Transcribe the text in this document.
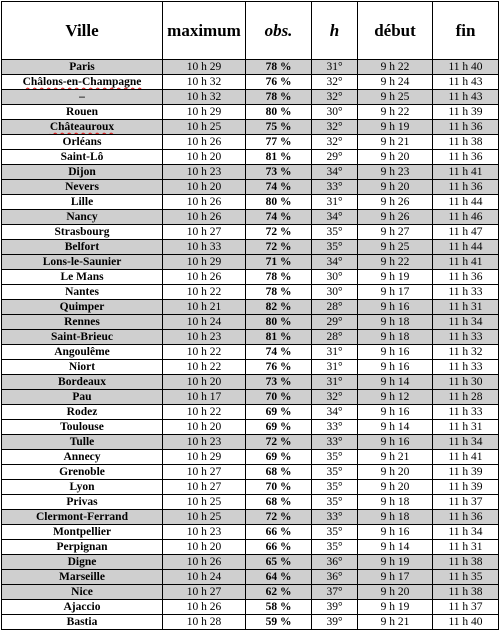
Ville	maximum	obs.	h	début	fin
Paris	10 h 29	78 %	31°	9 h 22	11 h 40
Châlons-en-Champagne	10 h 32	76 %	32°	9 h 24	11 h 43
–	10 h 32	78 %	32°	9 h 25	11 h 43
Rouen	10 h 29	80 %	30°	9 h 22	11 h 39
Châteauroux	10 h 25	75 %	32°	9 h 19	11 h 36
Orléans	10 h 26	77 %	32°	9 h 21	11 h 38
Saint-Lô	10 h 20	81 %	29°	9 h 20	11 h 36
Dijon	10 h 23	73 %	34°	9 h 23	11 h 41
Nevers	10 h 20	74 %	33°	9 h 20	11 h 36
Lille	10 h 26	80 %	31°	9 h 26	11 h 44
Nancy	10 h 26	74 %	34°	9 h 26	11 h 46
Strasbourg	10 h 27	72 %	35°	9 h 27	11 h 47
Belfort	10 h 33	72 %	35°	9 h 25	11 h 44
Lons-le-Saunier	10 h 29	71 %	34°	9 h 22	11 h 41
Le Mans	10 h 26	78 %	30°	9 h 19	11 h 36
Nantes	10 h 22	78 %	30°	9 h 17	11 h 33
Quimper	10 h 21	82 %	28°	9 h 16	11 h 31
Rennes	10 h 24	80 %	29°	9 h 18	11 h 34
Saint-Brieuc	10 h 23	81 %	28°	9 h 18	11 h 33
Angoulême	10 h 22	74 %	31°	9 h 16	11 h 32
Niort	10 h 22	76 %	31°	9 h 16	11 h 33
Bordeaux	10 h 20	73 %	31°	9 h 14	11 h 30
Pau	10 h 17	70 %	32°	9 h 12	11 h 28
Rodez	10 h 22	69 %	34°	9 h 16	11 h 33
Toulouse	10 h 20	69 %	33°	9 h 14	11 h 31
Tulle	10 h 23	72 %	33°	9 h 16	11 h 34
Annecy	10 h 29	69 %	35°	9 h 21	11 h 41
Grenoble	10 h 27	68 %	35°	9 h 20	11 h 39
Lyon	10 h 27	70 %	35°	9 h 20	11 h 39
Privas	10 h 25	68 %	35°	9 h 18	11 h 37
Clermont-Ferrand	10 h 25	72 %	33°	9 h 18	11 h 36
Montpellier	10 h 23	66 %	35°	9 h 16	11 h 34
Perpignan	10 h 20	66 %	35°	9 h 14	11 h 31
Digne	10 h 26	65 %	36°	9 h 19	11 h 38
Marseille	10 h 24	64 %	36°	9 h 17	11 h 35
Nice	10 h 27	62 %	37°	9 h 20	11 h 38
Ajaccio	10 h 26	58 %	39°	9 h 19	11 h 37
Bastia	10 h 28	59 %	39°	9 h 21	11 h 40
